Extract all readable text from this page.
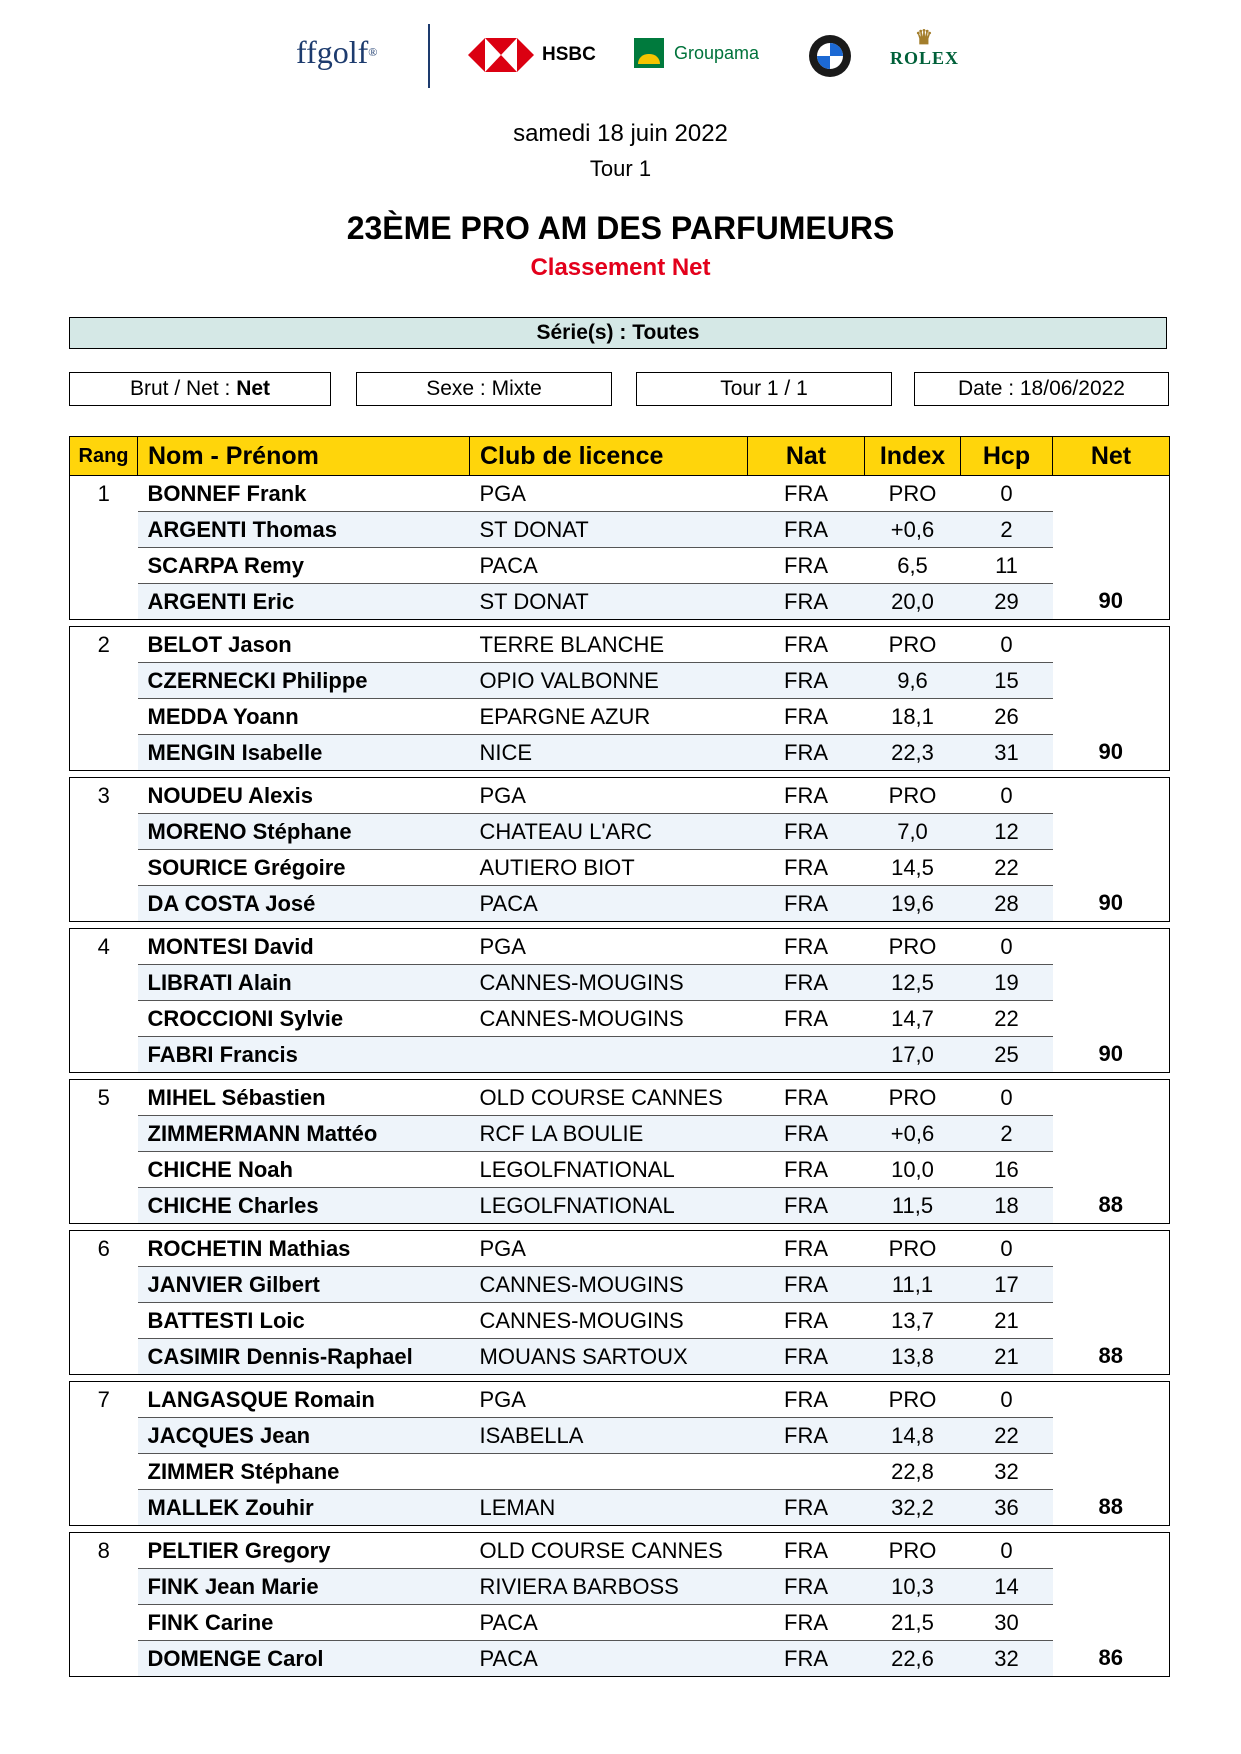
ffgolf ®	HSBC	Groupama
♛
ROLEX
samedi 18 juin 2022
Tour 1
23ÈME PRO AM DES PARFUMEURS
Classement Net
Série(s) : Toutes
Brut / Net : Net	Sexe : Mixte	Tour 1 / 1	Date : 18/06/2022
Rang	Nom - Prénom	Club de licence	Nat	Index	Hcp	Net
1	BONNEF Frank	PGA	FRA	PRO	0	
	ARGENTI Thomas	ST DONAT	FRA	+0,6	2	
	SCARPA Remy	PACA	FRA	6,5	11	
	ARGENTI Eric	ST DONAT	FRA	20,0	29	90

2	BELOT Jason	TERRE BLANCHE	FRA	PRO	0	
	CZERNECKI Philippe	OPIO VALBONNE	FRA	9,6	15	
	MEDDA Yoann	EPARGNE AZUR	FRA	18,1	26	
	MENGIN Isabelle	NICE	FRA	22,3	31	90

3	NOUDEU Alexis	PGA	FRA	PRO	0	
	MORENO Stéphane	CHATEAU L'ARC	FRA	7,0	12	
	SOURICE Grégoire	AUTIERO BIOT	FRA	14,5	22	
	DA COSTA José	PACA	FRA	19,6	28	90

4	MONTESI David	PGA	FRA	PRO	0	
	LIBRATI Alain	CANNES-MOUGINS	FRA	12,5	19	
	CROCCIONI Sylvie	CANNES-MOUGINS	FRA	14,7	22	
	FABRI Francis			17,0	25	90

5	MIHEL Sébastien	OLD COURSE CANNES	FRA	PRO	0	
	ZIMMERMANN Mattéo	RCF LA BOULIE	FRA	+0,6	2	
	CHICHE Noah	LEGOLFNATIONAL	FRA	10,0	16	
	CHICHE Charles	LEGOLFNATIONAL	FRA	11,5	18	88

6	ROCHETIN Mathias	PGA	FRA	PRO	0	
	JANVIER Gilbert	CANNES-MOUGINS	FRA	11,1	17	
	BATTESTI Loic	CANNES-MOUGINS	FRA	13,7	21	
	CASIMIR Dennis-Raphael	MOUANS SARTOUX	FRA	13,8	21	88

7	LANGASQUE Romain	PGA	FRA	PRO	0	
	JACQUES Jean	ISABELLA	FRA	14,8	22	
	ZIMMER Stéphane			22,8	32	
	MALLEK Zouhir	LEMAN	FRA	32,2	36	88

8	PELTIER Gregory	OLD COURSE CANNES	FRA	PRO	0	
	FINK Jean Marie	RIVIERA BARBOSS	FRA	10,3	14	
	FINK Carine	PACA	FRA	21,5	30	
	DOMENGE Carol	PACA	FRA	22,6	32	86
